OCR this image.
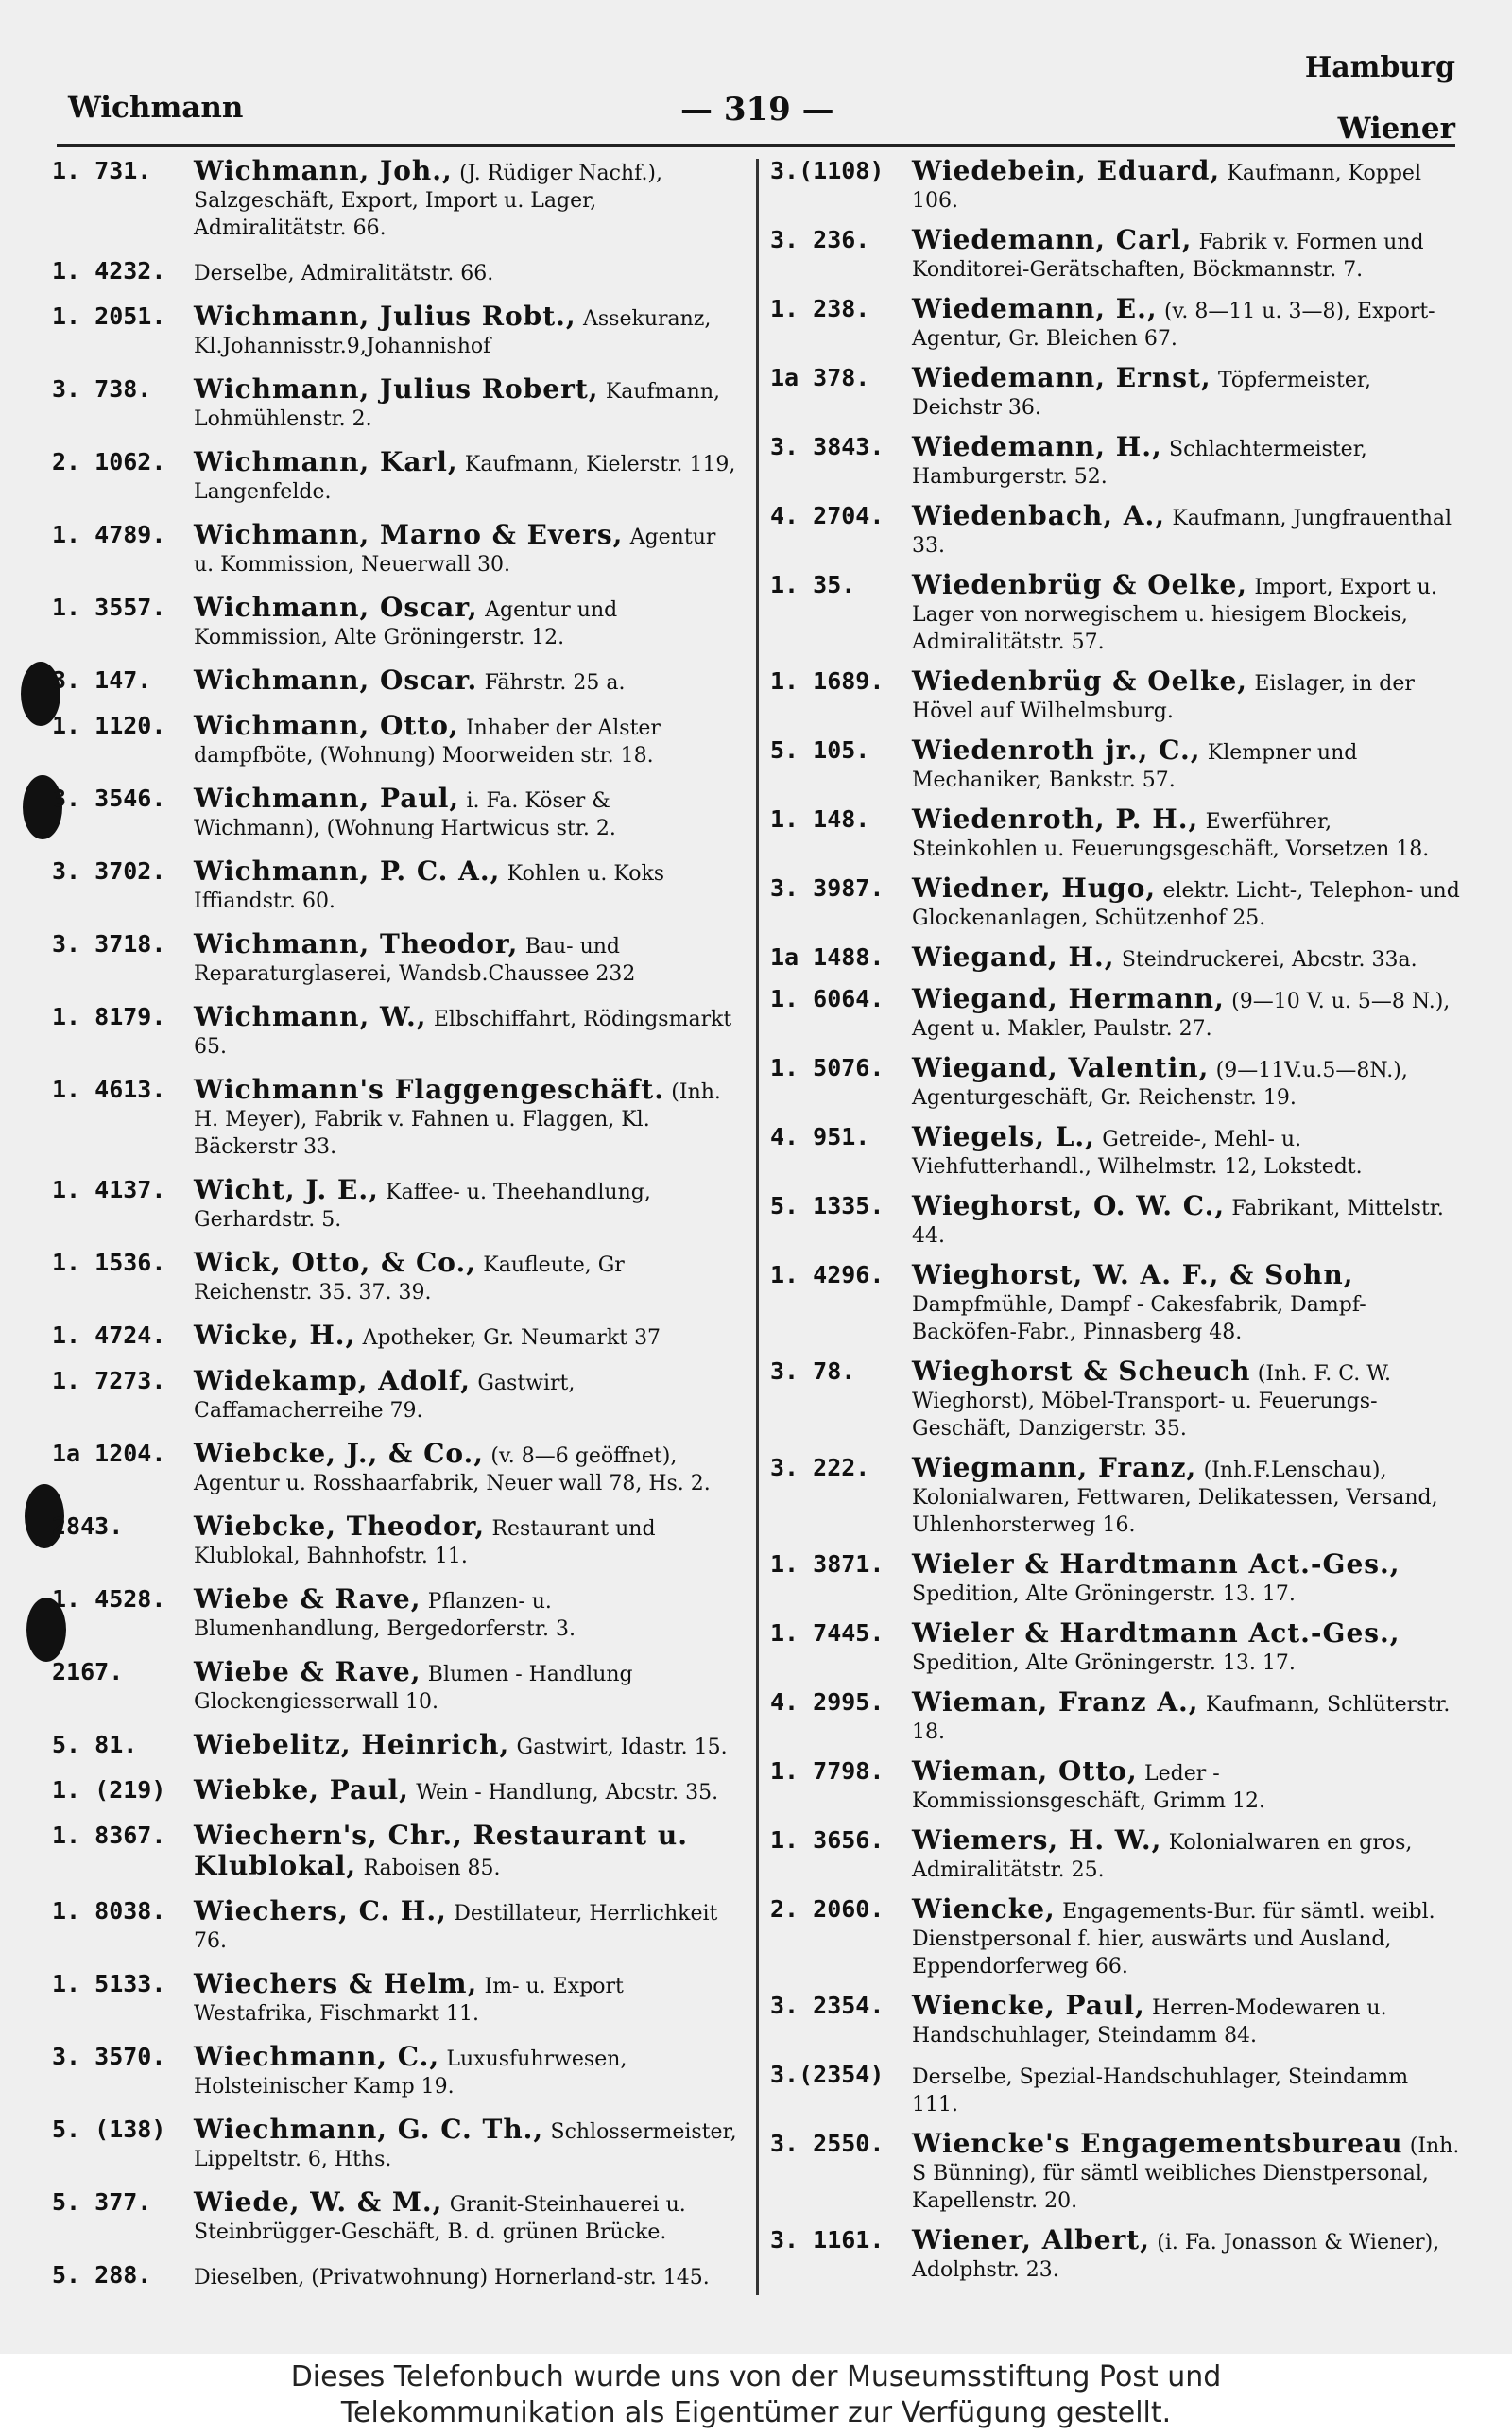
Wichmann	— 319 —
Hamburg
Wiener
1. 731.	Wichmann, Joh., (J. Rüdiger Nachf.), Salzgeschäft, Export, Import u. Lager, Admiralitätstr. 66.
1. 4232.	Derselbe, Admiralitätstr. 66.
1. 2051.	Wichmann, Julius Robt., Assekuranz, Kl.Johannisstr.9,Johannishof
3. 738.	Wichmann, Julius Robert, Kaufmann, Lohmühlenstr. 2.
2. 1062.	Wichmann, Karl, Kaufmann, Kielerstr. 119, Langenfelde.
1. 4789.	Wichmann, Marno & Evers, Agentur u. Kommission, Neuerwall 30.
1. 3557.	Wichmann, Oscar, Agentur und Kommission, Alte Gröningerstr. 12.
3. 147.	Wichmann, Oscar. Fährstr. 25 a.
1. 1120.	Wichmann, Otto, Inhaber der Alster dampfböte, (Wohnung) Moorweiden str. 18.
3. 3546.	Wichmann, Paul, i. Fa. Köser & Wichmann), (Wohnung Hartwicus str. 2.
3. 3702.	Wichmann, P. C. A., Kohlen u. Koks Iffiandstr. 60.
3. 3718.	Wichmann, Theodor, Bau- und Reparaturglaserei, Wandsb.Chaussee 232
1. 8179.	Wichmann, W., Elbschiffahrt, Rödingsmarkt 65.
1. 4613.	Wichmann's Flaggengeschäft. (Inh. H. Meyer), Fabrik v. Fahnen u. Flaggen, Kl. Bäckerstr 33.
1. 4137.	Wicht, J. E., Kaffee- u. Theehandlung, Gerhardstr. 5.
1. 1536.	Wick, Otto, & Co., Kaufleute, Gr Reichenstr. 35. 37. 39.
1. 4724.	Wicke, H., Apotheker, Gr. Neumarkt 37
1. 7273.	Widekamp, Adolf, Gastwirt, Caffamacherreihe 79.
1a 1204.	Wiebcke, J., & Co., (v. 8—6 geöffnet), Agentur u. Rosshaarfabrik, Neuer wall 78, Hs. 2.
2843.	Wiebcke, Theodor, Restaurant und Klublokal, Bahnhofstr. 11.
1. 4528.	Wiebe & Rave, Pflanzen- u. Blumenhandlung, Bergedorferstr. 3.
2167.	Wiebe & Rave, Blumen - Handlung Glockengiesserwall 10.
5. 81.	Wiebelitz, Heinrich, Gastwirt, Idastr. 15.
1. (219)	Wiebke, Paul, Wein - Handlung, Abcstr. 35.
1. 8367.	Wiechern's, Chr., Restaurant u. Klublokal, Raboisen 85.
1. 8038.	Wiechers, C. H., Destillateur, Herrlichkeit 76.
1. 5133.	Wiechers & Helm, Im- u. Export Westafrika, Fischmarkt 11.
3. 3570.	Wiechmann, C., Luxusfuhrwesen, Holsteinischer Kamp 19.
5. (138)	Wiechmann, G. C. Th., Schlossermeister, Lippeltstr. 6, Hths.
5. 377.	Wiede, W. & M., Granit-Steinhauerei u. Steinbrügger-Geschäft, B. d. grünen Brücke.
5. 288.	Dieselben, (Privatwohnung) Hornerland-str. 145.
3.(1108)	Wiedebein, Eduard, Kaufmann, Koppel 106.
3. 236.	Wiedemann, Carl, Fabrik v. Formen und Konditorei-Gerätschaften, Böckmannstr. 7.
1. 238.	Wiedemann, E., (v. 8—11 u. 3—8), Export-Agentur, Gr. Bleichen 67.
1a 378.	Wiedemann, Ernst, Töpfermeister, Deichstr 36.
3. 3843.	Wiedemann, H., Schlachtermeister, Hamburgerstr. 52.
4. 2704.	Wiedenbach, A., Kaufmann, Jungfrauenthal 33.
1. 35.	Wiedenbrüg & Oelke, Import, Export u. Lager von norwegischem u. hiesigem Blockeis, Admiralitätstr. 57.
1. 1689.	Wiedenbrüg & Oelke, Eislager, in der Hövel auf Wilhelmsburg.
5. 105.	Wiedenroth jr., C., Klempner und Mechaniker, Bankstr. 57.
1. 148.	Wiedenroth, P. H., Ewerführer, Steinkohlen u. Feuerungsgeschäft, Vorsetzen 18.
3. 3987.	Wiedner, Hugo, elektr. Licht-, Telephon- und Glockenanlagen, Schützenhof 25.
1a 1488.	Wiegand, H., Steindruckerei, Abcstr. 33a.
1. 6064.	Wiegand, Hermann, (9—10 V. u. 5—8 N.), Agent u. Makler, Paulstr. 27.
1. 5076.	Wiegand, Valentin, (9—11V.u.5—8N.), Agenturgeschäft, Gr. Reichenstr. 19.
4. 951.	Wiegels, L., Getreide-, Mehl- u. Viehfutterhandl., Wilhelmstr. 12, Lokstedt.
5. 1335.	Wieghorst, O. W. C., Fabrikant, Mittelstr. 44.
1. 4296.	Wieghorst, W. A. F., & Sohn, Dampfmühle, Dampf - Cakesfabrik, Dampf-Backöfen-Fabr., Pinnasberg 48.
3. 78.	Wieghorst & Scheuch (Inh. F. C. W. Wieghorst), Möbel-Transport- u. Feuerungs-Geschäft, Danzigerstr. 35.
3. 222.	Wiegmann, Franz, (Inh.F.Lenschau), Kolonialwaren, Fettwaren, Delikatessen, Versand, Uhlenhorsterweg 16.
1. 3871.	Wieler & Hardtmann Act.-Ges., Spedition, Alte Gröningerstr. 13. 17.
1. 7445.	Wieler & Hardtmann Act.-Ges., Spedition, Alte Gröningerstr. 13. 17.
4. 2995.	Wieman, Franz A., Kaufmann, Schlüterstr. 18.
1. 7798.	Wieman, Otto, Leder - Kommissionsgeschäft, Grimm 12.
1. 3656.	Wiemers, H. W., Kolonialwaren en gros, Admiralitätstr. 25.
2. 2060.	Wiencke, Engagements-Bur. für sämtl. weibl. Dienstpersonal f. hier, auswärts und Ausland, Eppendorferweg 66.
3. 2354.	Wiencke, Paul, Herren-Modewaren u. Handschuhlager, Steindamm 84.
3.(2354)	Derselbe, Spezial-Handschuhlager, Steindamm 111.
3. 2550.	Wiencke's Engagementsbureau (Inh. S Bünning), für sämtl weibliches Dienstpersonal, Kapellenstr. 20.
3. 1161.	Wiener, Albert, (i. Fa. Jonasson & Wiener), Adolphstr. 23.
Dieses Telefonbuch wurde uns von der Museumsstiftung Post und
Telekommunikation als Eigentümer zur Verfügung gestellt.
